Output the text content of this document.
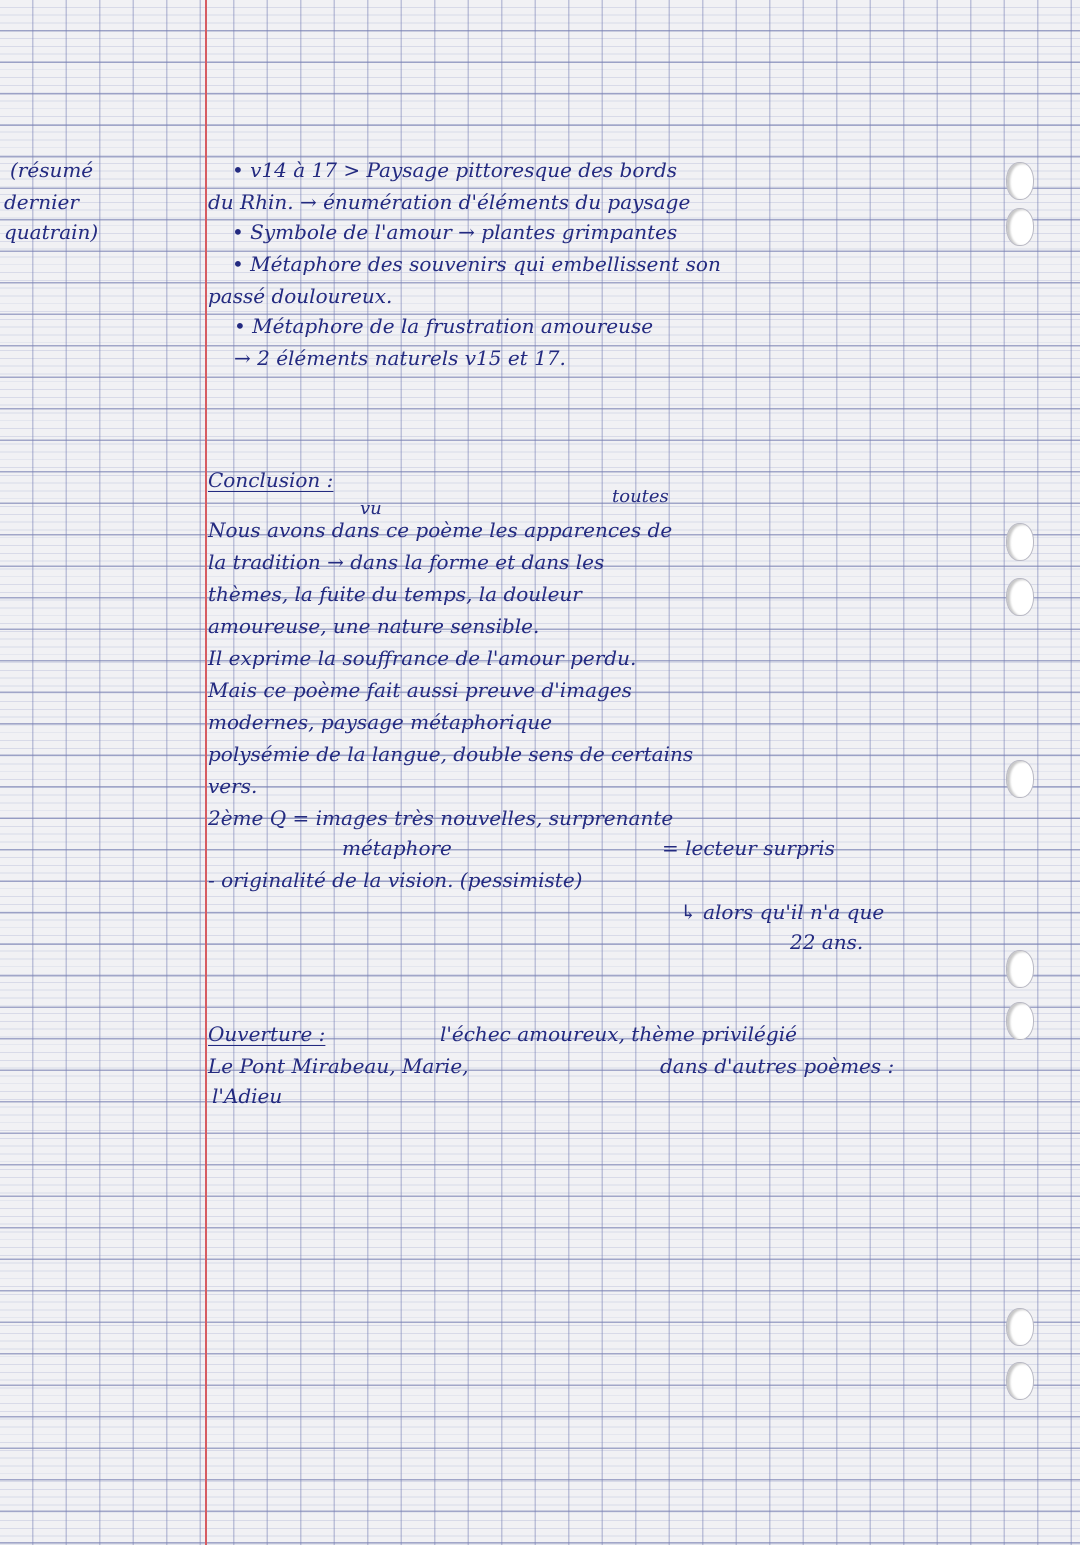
(résumé

dernier

quatrain)

• v14 à 17 > Paysage pittoresque des bords

du Rhin. → énumération d'éléments du paysage

• Symbole de l'amour → plantes grimpantes

• Métaphore des souvenirs qui embellissent son

passé douloureux.

• Métaphore de la frustration amoureuse

→ 2 éléments naturels v15 et 17.

Conclusion :

toutes

vu

Nous avons dans ce poème les apparences de

la tradition → dans la forme et dans les

thèmes, la fuite du temps, la douleur

amoureuse, une nature sensible.

Il exprime la souffrance de l'amour perdu.

Mais ce poème fait aussi preuve d'images

modernes, paysage métaphorique

polysémie de la langue, double sens de certains

vers.

2ème Q = images très nouvelles, surprenante

métaphore	= lecteur surpris

- originalité de la vision. (pessimiste)

↳ alors qu'il n'a que

22 ans.

Ouverture :	l'échec amoureux, thème privilégié

Le Pont Mirabeau, Marie,	dans d'autres poèmes :

l'Adieu
